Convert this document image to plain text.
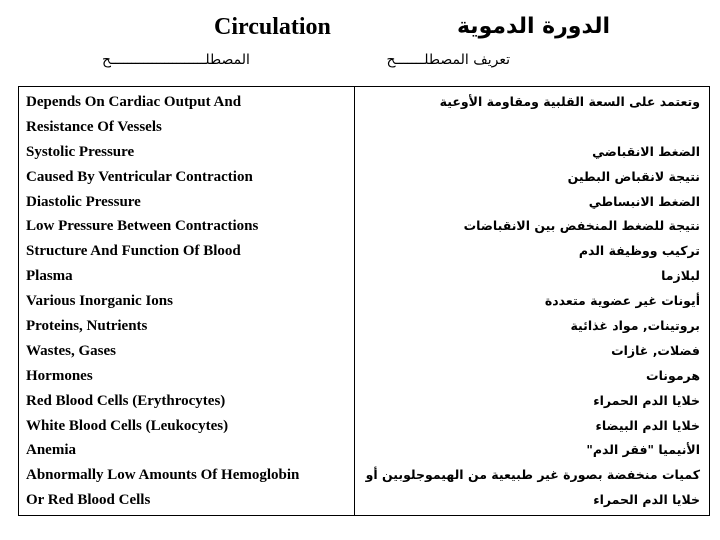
Circulation	الدورة الدموية
المصطلـــــــــــــــــــــــح	تعريف المصطلـــــــح
Depends On Cardiac Output And
Resistance Of Vessels
Systolic Pressure
Caused By Ventricular Contraction
Diastolic Pressure
Low Pressure Between Contractions
Structure And Function Of Blood
Plasma
Various Inorganic Ions
Proteins, Nutrients
Wastes, Gases
Hormones
Red Blood Cells (Erythrocytes)
White Blood Cells (Leukocytes)
Anemia
Abnormally Low Amounts Of Hemoglobin
Or Red Blood Cells
وتعتمد على السعة القلبية ومقاومة الأوعية
الضغط الانقباضي
نتيجة لانقباض البطين
الضغط الانبساطي
نتيجة للضغط المنخفض بين الانقباضات
تركيب ووظيفة الدم
لبلازما
أيونات غير عضوية متعددة
بروتينات, مواد غذائية
فضلات, غازات
هرمونات
خلايا الدم الحمراء
خلايا الدم البيضاء
الأنيميا "فقر الدم"
كميات منخفضة بصورة غير طبيعية من الهيموجلوبين أو
خلايا الدم الحمراء
